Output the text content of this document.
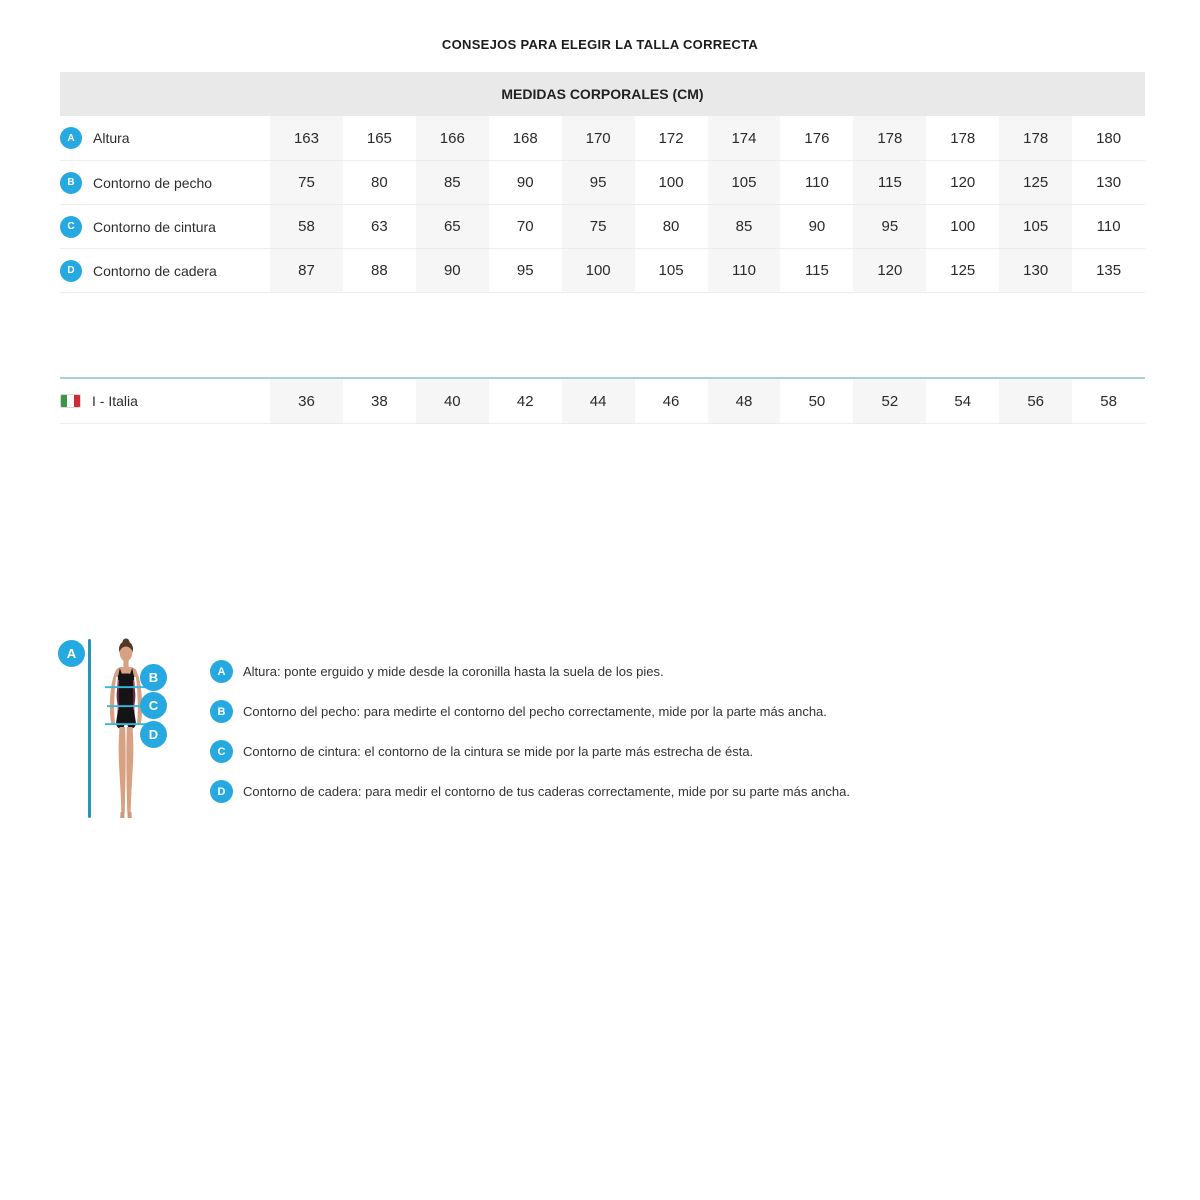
CONSEJOS PARA ELEGIR LA TALLA CORRECTA
MEDIDAS CORPORALES (CM)
A	Altura	163	165	166	168	170	172	174	176	178	178	178	180
B	Contorno de pecho	75	80	85	90	95	100	105	110	115	120	125	130
C	Contorno de cintura	58	63	65	70	75	80	85	90	95	100	105	110
D	Contorno de cadera	87	88	90	95	100	105	110	115	120	125	130	135
I - Italia	36	38	40	42	44	46	48	50	52	54	56	58
A
B
C
D
A	Altura: ponte erguido y mide desde la coronilla hasta la suela de los pies.
B	Contorno del pecho: para medirte el contorno del pecho correctamente, mide por la parte más ancha.
C	Contorno de cintura: el contorno de la cintura se mide por la parte más estrecha de ésta.
D	Contorno de cadera: para medir el contorno de tus caderas correctamente, mide por su parte más ancha.
